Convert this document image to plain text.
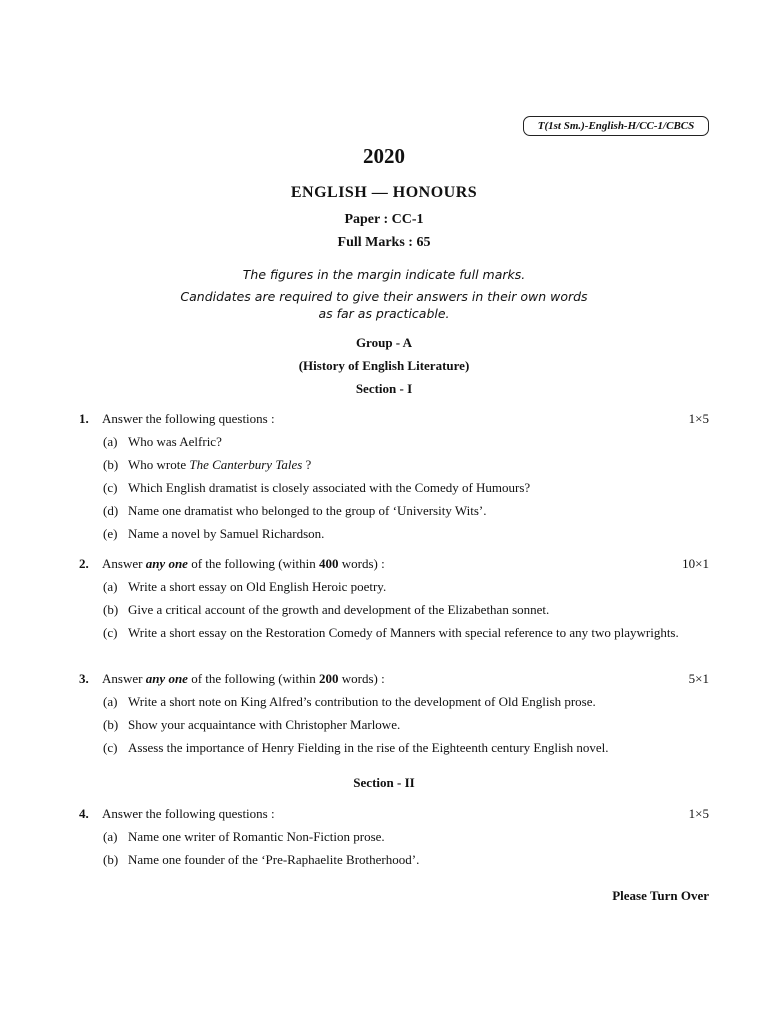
T(1st Sm.)-English-H/CC-1/CBCS
2020
ENGLISH — HONOURS
Paper : CC-1
Full Marks : 65
The figures in the margin indicate full marks.
Candidates are required to give their answers in their own words
as far as practicable.
Group - A
(History of English Literature)
Section - I
1. Answer the following questions :	1×5
(a) Who was Aelfric?
(b) Who wrote The Canterbury Tales ?
(c) Which English dramatist is closely associated with the Comedy of Humours?
(d) Name one dramatist who belonged to the group of ‘University Wits’.
(e) Name a novel by Samuel Richardson.
2. Answer any one of the following (within 400 words) :	10×1
(a) Write a short essay on Old English Heroic poetry.
(b) Give a critical account of the growth and development of the Elizabethan sonnet.
(c) Write a short essay on the Restoration Comedy of Manners with special reference to any two playwrights.
3. Answer any one of the following (within 200 words) :	5×1
(a) Write a short note on King Alfred’s contribution to the development of Old English prose.
(b) Show your acquaintance with Christopher Marlowe.
(c) Assess the importance of Henry Fielding in the rise of the Eighteenth century English novel.
Section - II
4. Answer the following questions :	1×5
(a) Name one writer of Romantic Non-Fiction prose.
(b) Name one founder of the ‘Pre-Raphaelite Brotherhood’.
Please Turn Over
